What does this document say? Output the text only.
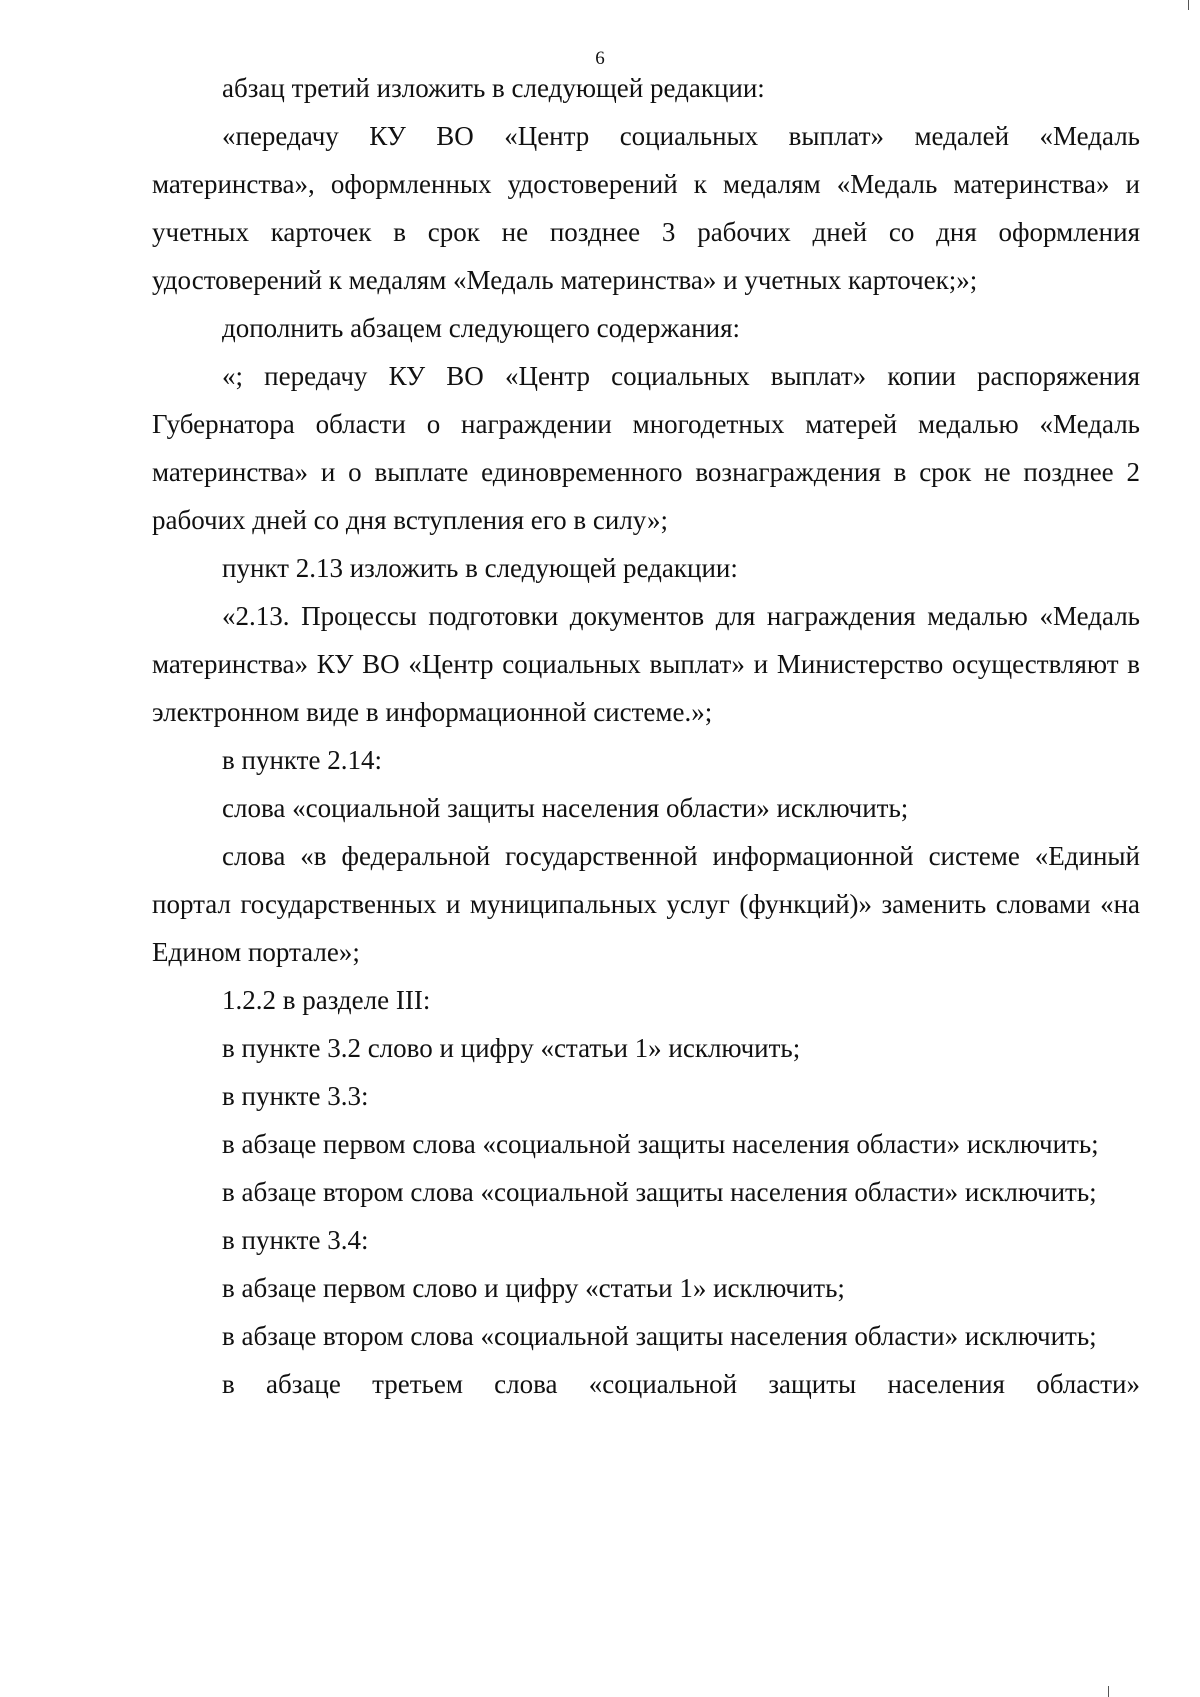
6

абзац третий изложить в следующей редакции:

«передачу КУ ВО «Центр социальных выплат» медалей «Медаль материнства», оформленных удостоверений к медалям «Медаль материнства» и учетных карточек в срок не позднее 3 рабочих дней со дня оформления удостоверений к медалям «Медаль материнства» и учетных карточек;»;

дополнить абзацем следующего содержания:

«; передачу КУ ВО «Центр социальных выплат» копии распоряжения Губернатора области о награждении многодетных матерей медалью «Медаль материнства» и о выплате единовременного вознаграждения в срок не позднее 2 рабочих дней со дня вступления его в силу»;

пункт 2.13 изложить в следующей редакции:

«2.13. Процессы подготовки документов для награждения медалью «Медаль материнства» КУ ВО «Центр социальных выплат» и Министерство осуществляют в электронном виде в информационной системе.»;

в пункте 2.14:

слова «социальной защиты населения области» исключить;

слова «в федеральной государственной информационной системе «Единый портал государственных и муниципальных услуг (функций)» заменить словами «на Едином портале»;

1.2.2 в разделе III:

в пункте 3.2 слово и цифру «статьи 1» исключить;

в пункте 3.3:

в абзаце первом слова «социальной защиты населения области» исключить;

в абзаце втором слова «социальной защиты населения области» исключить;

в пункте 3.4:

в абзаце первом слово и цифру «статьи 1» исключить;

в абзаце втором слова «социальной защиты населения области» исключить;

в абзаце третьем слова «социальной защиты населения области»
